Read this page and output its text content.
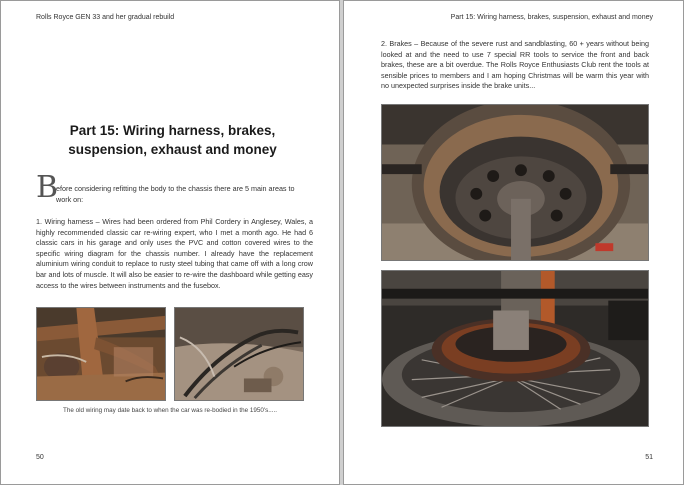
Rolls Royce GEN 33 and her gradual rebuild
Part 15: Wiring harness, brakes, suspension, exhaust and money
B

efore considering refitting the body to the chassis there are 5 main areas to work on:

1. Wiring harness – Wires had been ordered from Phil Cordery in Anglesey, Wales, a highly recommended classic car re-wiring expert, who I met a month ago. He had 6 classic cars in his garage and only uses the PVC and cotton covered wires to the specific wiring diagram for the chassis number. I already have the replacement aluminium wiring conduit to replace to rusty steel tubing that came off with a long crow bar and lots of muscle. It will also be easier to re-wire the dashboard while getting easy access to the wires between instruments and the fusebox.

The old wiring may date back to when the car was re-bodied in the 1950's.....

50
Part 15: Wiring harness, brakes, suspension, exhaust and money
51

2. Brakes – Because of the severe rust and sandblasting, 60 + years without being looked at and the need to use 7 special RR tools to service the front and back brakes, these are a bit overdue. The Rolls Royce Enthusiasts Club rent the tools at sensible prices to members and I am hoping Christmas will be warm this year with no unexpected surprises inside the brake units...
